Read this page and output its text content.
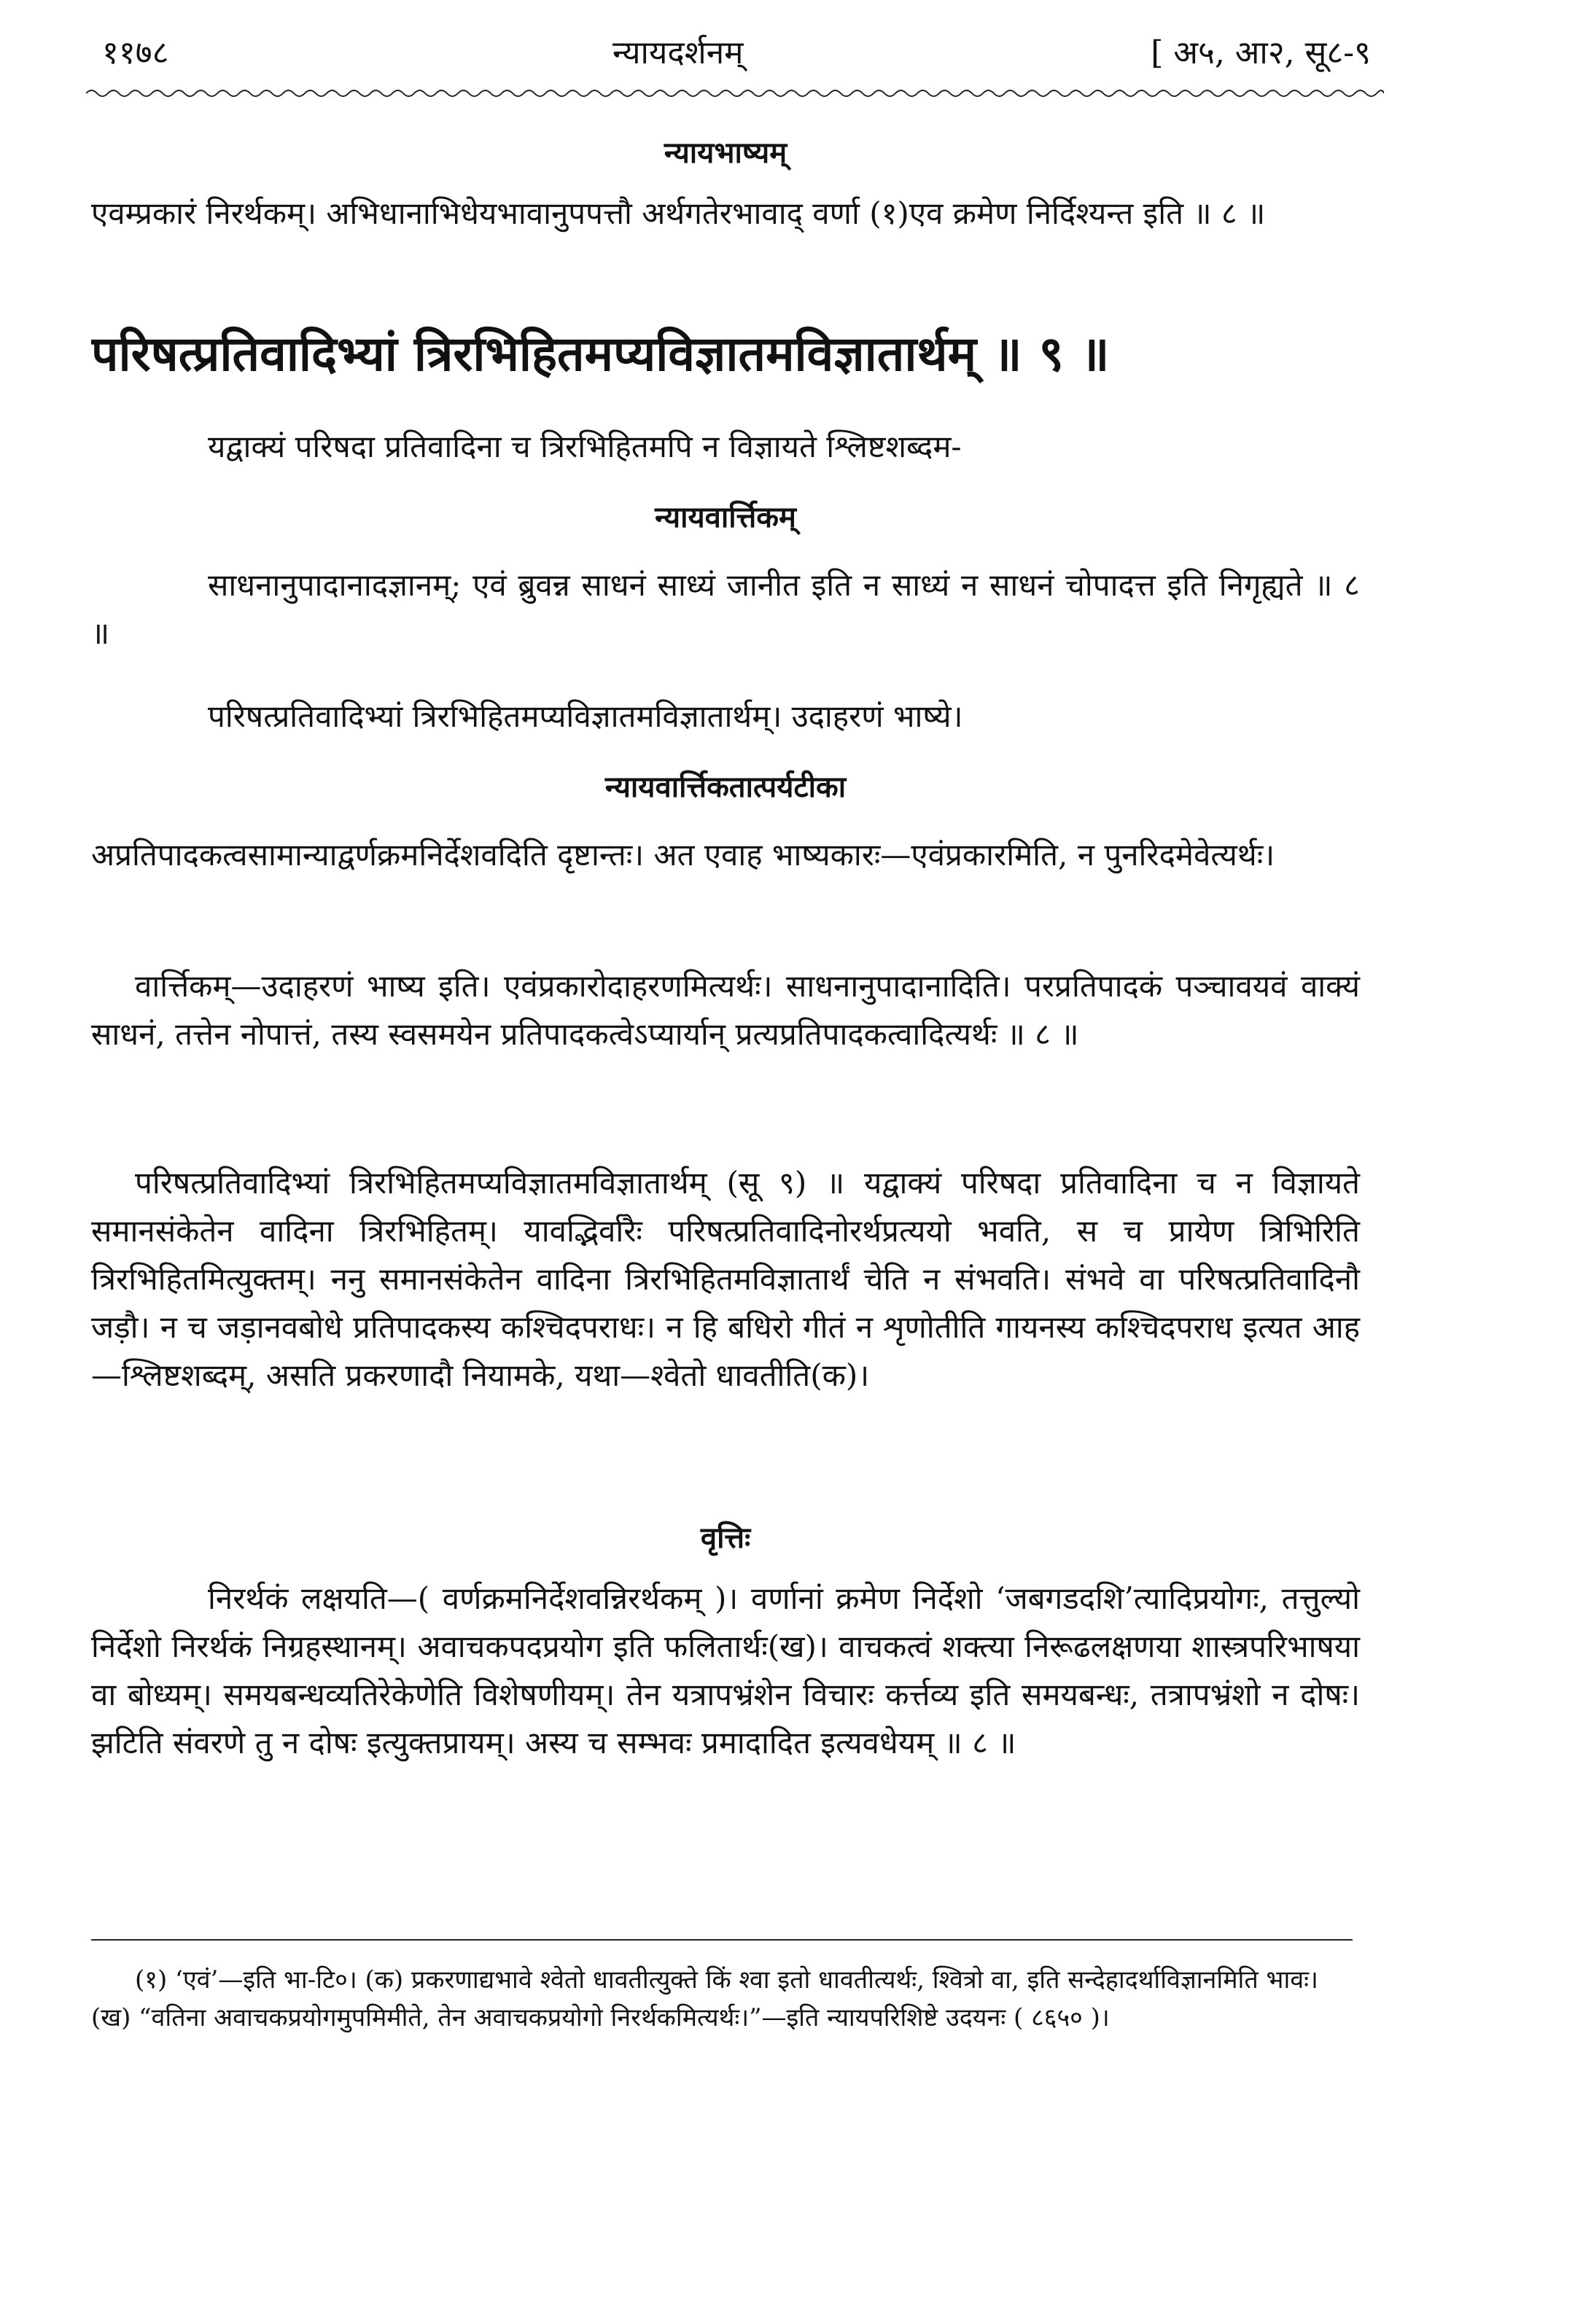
११७८	न्यायदर्शनम्	[ अ५, आ२, सू८-९
न्यायभाष्यम्
एवम्प्रकारं निरर्थकम्। अभिधानाभिधेयभावानुपपत्तौ अर्थगतेरभावाद् वर्णा (१)एव क्रमेण निर्दिश्यन्त इति ॥ ८ ॥
परिषत्प्रतिवादिभ्यां त्रिरभिहितमप्यविज्ञातमविज्ञातार्थम् ॥ ९ ॥
यद्वाक्यं परिषदा प्रतिवादिना च त्रिरभिहितमपि न विज्ञायते श्लिष्टशब्दम-
न्यायवार्त्तिकम्
साधनानुपादानादज्ञानम्; एवं ब्रुवन्न साधनं साध्यं जानीत इति न साध्यं न साधनं चोपादत्त इति निगृह्यते ॥ ८ ॥
परिषत्प्रतिवादिभ्यां त्रिरभिहितमप्यविज्ञातमविज्ञातार्थम्। उदाहरणं भाष्ये।
न्यायवार्त्तिकतात्पर्यटीका
अप्रतिपादकत्वसामान्याद्वर्णक्रमनिर्देशवदिति दृष्टान्तः। अत एवाह भाष्यकारः—एवंप्रकारमिति, न पुनरिदमेवेत्यर्थः।
वार्त्तिकम्—उदाहरणं भाष्य इति। एवंप्रकारोदाहरणमित्यर्थः। साधनानुपादानादिति। परप्रतिपादकं पञ्चावयवं वाक्यं साधनं, तत्तेन नोपात्तं, तस्य स्वसमयेन प्रतिपादकत्वेऽप्यार्यान् प्रत्यप्रतिपादकत्वादित्यर्थः ॥ ८ ॥
परिषत्प्रतिवादिभ्यां त्रिरभिहितमप्यविज्ञातमविज्ञातार्थम् (सू ९) ॥ यद्वाक्यं परिषदा प्रतिवादिना च न विज्ञायते समानसंकेतेन वादिना त्रिरभिहितम्। यावद्भिर्वारैः परिषत्प्रतिवादिनोरर्थप्रत्ययो भवति, स च प्रायेण त्रिभिरिति त्रिरभिहितमित्युक्तम्। ननु समानसंकेतेन वादिना त्रिरभिहितमविज्ञातार्थं चेति न संभवति। संभवे वा परिषत्प्रतिवादिनौ जड़ौ। न च जड़ानवबोधे प्रतिपादकस्य कश्चिदपराधः। न हि बधिरो गीतं न शृणोतीति गायनस्य कश्चिदपराध इत्यत आह—श्लिष्टशब्दम्, असति प्रकरणादौ नियामके, यथा—श्वेतो धावतीति(क)।
वृत्तिः
निरर्थकं लक्षयति—( वर्णक्रमनिर्देशवन्निरर्थकम् )। वर्णानां क्रमेण निर्देशो ‘जबगडदशि’त्यादिप्रयोगः, तत्तुल्यो निर्देशो निरर्थकं निग्रहस्थानम्। अवाचकपदप्रयोग इति फलितार्थः(ख)। वाचकत्वं शक्त्या निरूढलक्षणया शास्त्रपरिभाषया वा बोध्यम्। समयबन्धव्यतिरेकेणेति विशेषणीयम्। तेन यत्रापभ्रंशेन विचारः कर्त्तव्य इति समयबन्धः, तत्रापभ्रंशो न दोषः। झटिति संवरणे तु न दोषः इत्युक्तप्रायम्। अस्य च सम्भवः प्रमादादित इत्यवधेयम् ॥ ८ ॥
(१) ‘एवं’—इति भा-टि०। (क) प्रकरणाद्यभावे श्वेतो धावतीत्युक्ते किं श्वा इतो धावतीत्यर्थः, श्वित्रो वा, इति सन्देहादर्थाविज्ञानमिति भावः। (ख) “वतिना अवाचकप्रयोगमुपमिमीते, तेन अवाचकप्रयोगो निरर्थकमित्यर्थः।”—इति न्यायपरिशिष्टे उदयनः ( ८६५० )।
